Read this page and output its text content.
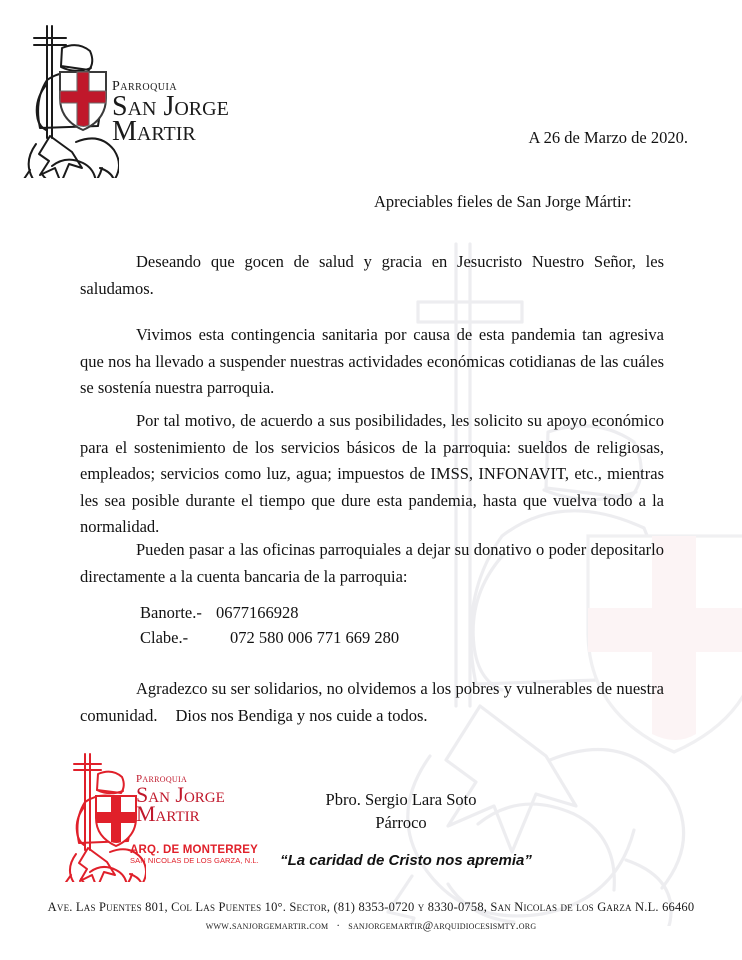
Parroquia
San Jorge
Martir	A 26 de Marzo de 2020.
Apreciables fieles de San Jorge Mártir:

Deseando que gocen de salud y gracia en Jesucristo Nuestro Señor, les saludamos.

Vivimos esta contingencia sanitaria por causa de esta pandemia tan agresiva que nos ha llevado a suspender nuestras actividades económicas cotidianas de las cuáles se sostenía nuestra parroquia.

Por tal motivo, de acuerdo a sus posibilidades, les solicito su apoyo económico para el sostenimiento de los servicios básicos de la parroquia: sueldos de religiosas, empleados; servicios como luz, agua; impuestos de IMSS, INFONAVIT, etc., mientras les sea posible durante el tiempo que dure esta pandemia, hasta que vuelva todo a la normalidad.

Pueden pasar a las oficinas parroquiales a dejar su donativo o poder depositarlo directamente a la cuenta bancaria de la parroquia:

Agradezco su ser solidarios, no olvidemos a los pobres y vulnerables de nuestra comunidad. Dios nos Bendiga y nos cuide a todos.

Banorte.- 0677166928
Clabe.-	072 580 006 771 669 280
Pbro. Sergio Lara Soto
Párroco
“La caridad de Cristo nos apremia”
Parroquia
San Jorge
Martir
ARQ. DE MONTERREY
SAN NICOLAS DE LOS GARZA, N.L.
Ave. Las Puentes 801, Col Las Puentes 10°. Sector, (81) 8353-0720 y 8330-0758, San Nicolas de los Garza N.L. 66460
www.sanjorgemartir.com · sanjorgemartir@arquidiocesismty.org
